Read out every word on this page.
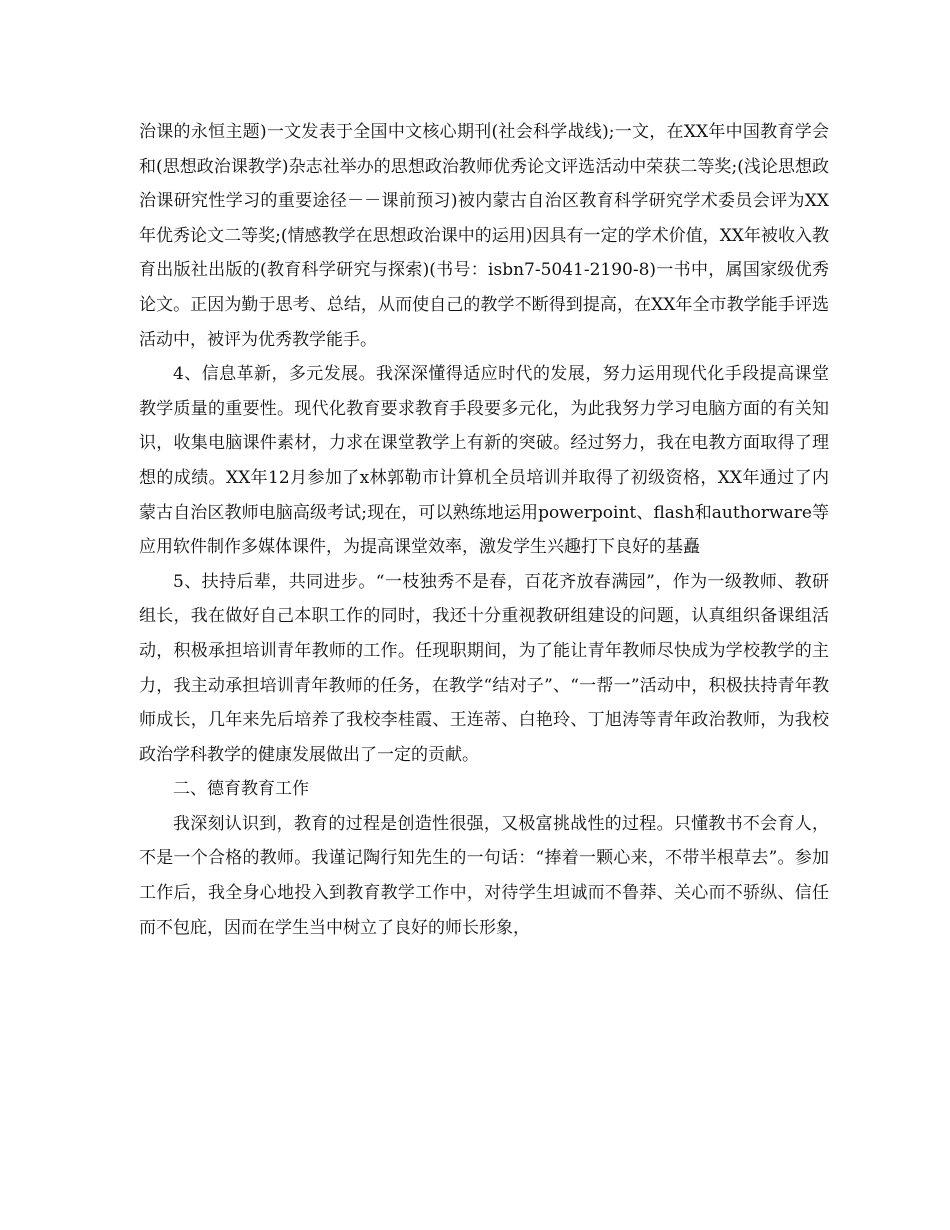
治课的永恒主题)一文发表于全国中文核心期刊(社会科学战线);一文，在XX年中国教育学会和(思想政治课教学)杂志社举办的思想政治教师优秀论文评选活动中荣获二等奖;(浅论思想政治课研究性学习的重要途径－－课前预习)被内蒙古自治区教育科学研究学术委员会评为XX年优秀论文二等奖;(情感教学在思想政治课中的运用)因具有一定的学术价值，XX年被收入教育出版社出版的(教育科学研究与探索)(书号：isbn7-5041-2190-8)一书中，属国家级优秀论文。正因为勤于思考、总结，从而使自己的教学不断得到提高，在XX年全市教学能手评选活动中，被评为优秀教学能手。

4、信息革新，多元发展。我深深懂得适应时代的发展，努力运用现代化手段提高课堂教学质量的重要性。现代化教育要求教育手段要多元化，为此我努力学习电脑方面的有关知识，收集电脑课件素材，力求在课堂教学上有新的突破。经过努力，我在电教方面取得了理想的成绩。XX年12月参加了x林郭勒市计算机全员培训并取得了初级资格，XX年通过了内蒙古自治区教师电脑高级考试;现在，可以熟练地运用powerpoint、flash和authorware等应用软件制作多媒体课件，为提高课堂效率，激发学生兴趣打下良好的基矗

5、扶持后辈，共同进步。“一枝独秀不是春，百花齐放春满园”，作为一级教师、教研组长，我在做好自己本职工作的同时，我还十分重视教研组建设的问题，认真组织备课组活动，积极承担培训青年教师的工作。任现职期间，为了能让青年教师尽快成为学校教学的主力，我主动承担培训青年教师的任务，在教学“结对子”、“一帮一”活动中，积极扶持青年教师成长，几年来先后培养了我校李桂霞、王连蒂、白艳玲、丁旭涛等青年政治教师，为我校政治学科教学的健康发展做出了一定的贡献。

二、德育教育工作

我深刻认识到，教育的过程是创造性很强，又极富挑战性的过程。只懂教书不会育人，不是一个合格的教师。我谨记陶行知先生的一句话：“捧着一颗心来，不带半根草去”。参加工作后，我全身心地投入到教育教学工作中，对待学生坦诚而不鲁莽、关心而不骄纵、信任而不包庇，因而在学生当中树立了良好的师长形象，
